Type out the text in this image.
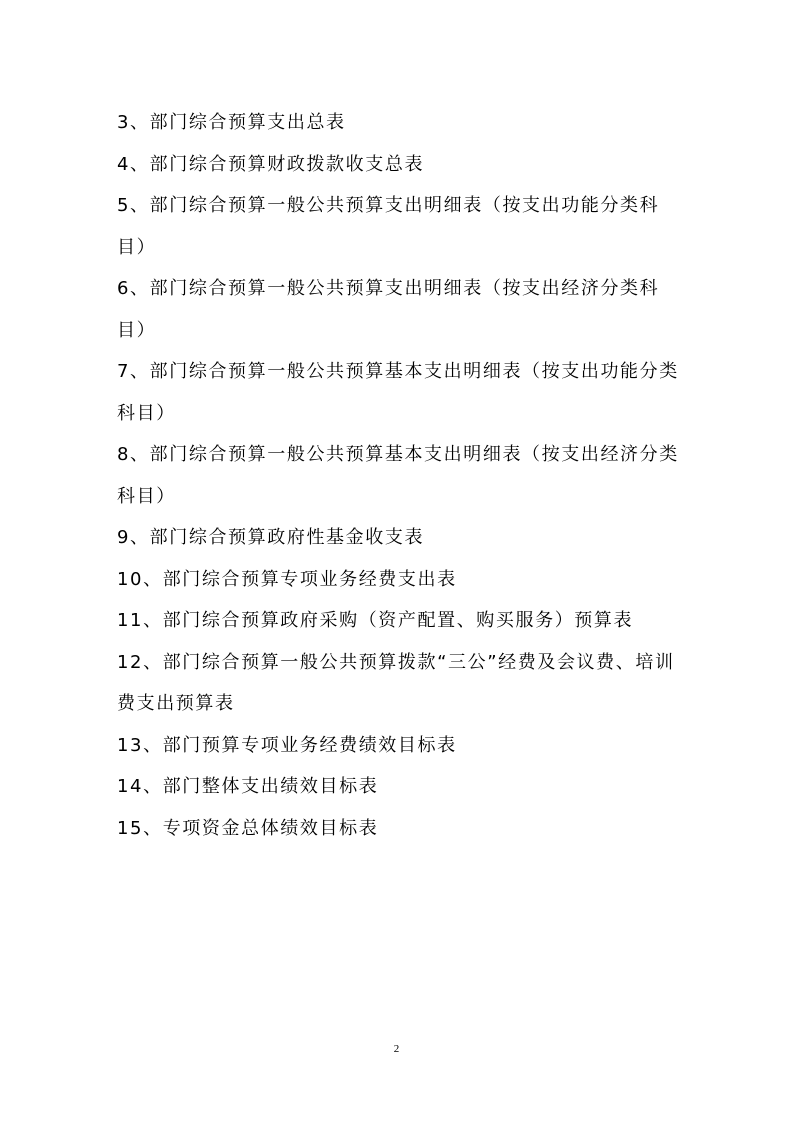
3、部门综合预算支出总表
4、部门综合预算财政拨款收支总表
5、部门综合预算一般公共预算支出明细表（按支出功能分类科目）
6、部门综合预算一般公共预算支出明细表（按支出经济分类科目）
7、部门综合预算一般公共预算基本支出明细表（按支出功能分类科目）
8、部门综合预算一般公共预算基本支出明细表（按支出经济分类科目）
9、部门综合预算政府性基金收支表
10、部门综合预算专项业务经费支出表
11、部门综合预算政府采购（资产配置、购买服务）预算表
12、部门综合预算一般公共预算拨款“三公”经费及会议费、培训费支出预算表
13、部门预算专项业务经费绩效目标表
14、部门整体支出绩效目标表
15、专项资金总体绩效目标表
2
